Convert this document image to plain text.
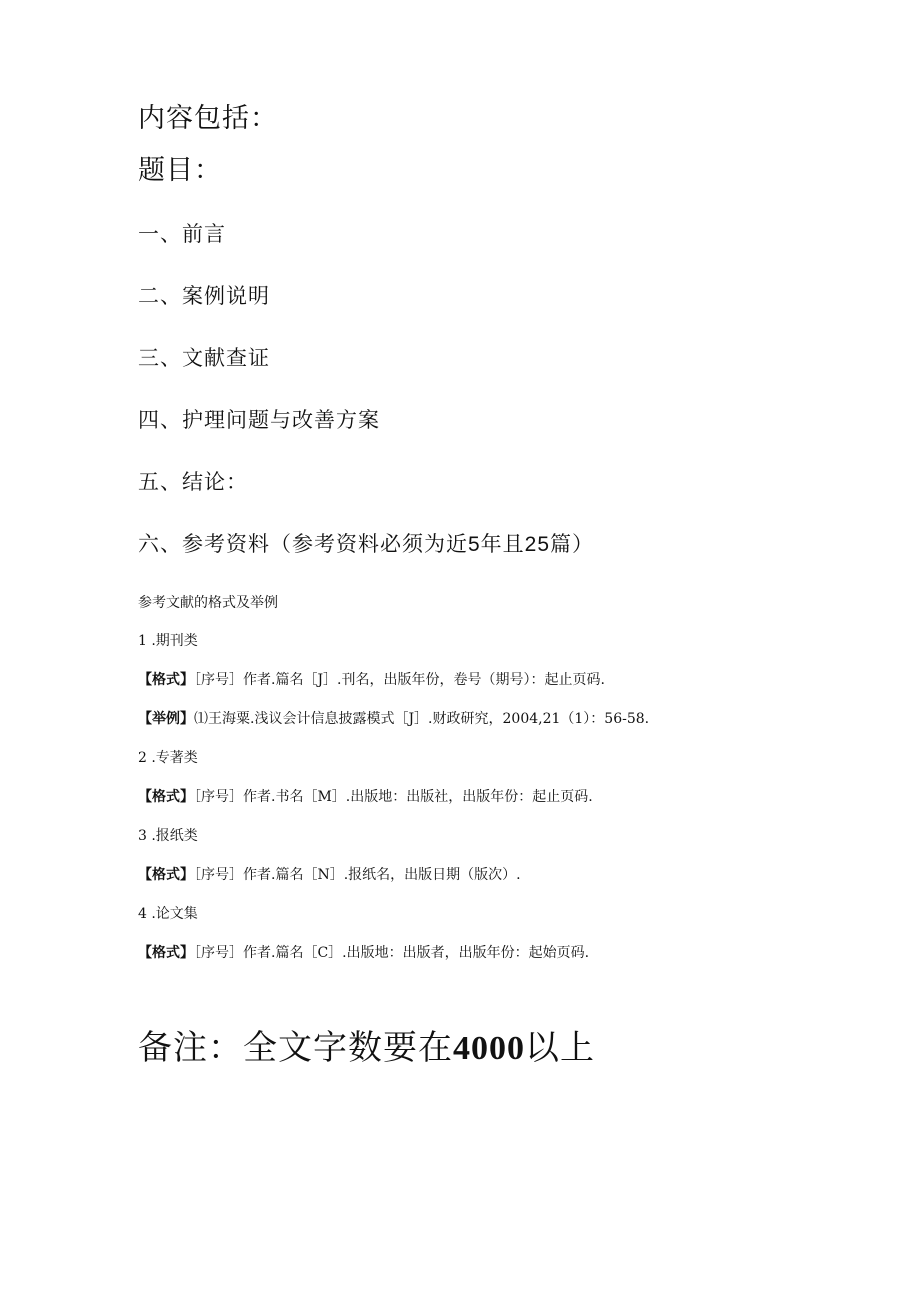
内容包括：

题目：

一、前言

二、案例说明

三、文献查证

四、护理问题与改善方案

五、结论：

六、参考资料（参考资料必须为近5年且25篇）

参考文献的格式及举例

1 .期刊类

【格式】［序号］作者.篇名［J］.刊名，出版年份，卷号（期号）：起止页码.

【举例】⑴王海粟.浅议会计信息披露模式［J］.财政研究，2004,21（1）：56-58.

2 .专著类

【格式】［序号］作者.书名［M］.出版地：出版社，出版年份：起止页码.

3 .报纸类

【格式】［序号］作者.篇名［N］.报纸名，出版日期（版次）.

4 .论文集

【格式】［序号］作者.篇名［C］.出版地：出版者，出版年份：起始页码.

备注：全文字数要在4000以上
